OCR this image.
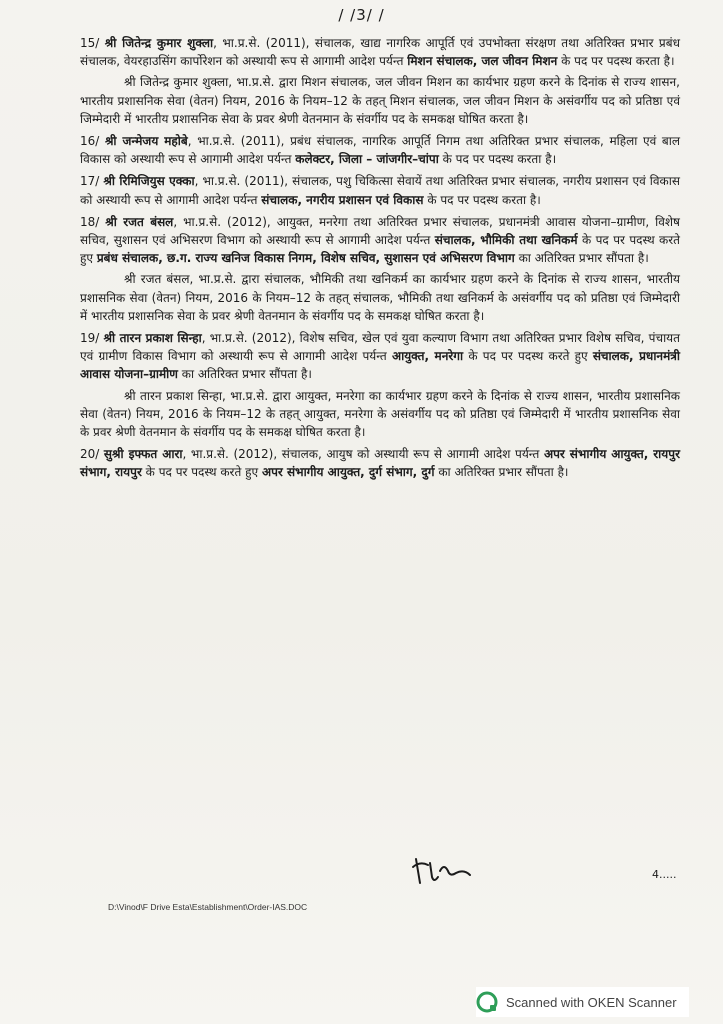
/ /3/ /

15/ श्री जितेन्द्र कुमार शुक्ला, भा.प्र.से. (2011), संचालक, खाद्य नागरिक आपूर्ति एवं उपभोक्ता संरक्षण तथा अतिरिक्त प्रभार प्रबंध संचालक, वेयरहाउसिंग कार्पोरेशन को अस्थायी रूप से आगामी आदेश पर्यन्त मिशन संचालक, जल जीवन मिशन के पद पर पदस्थ करता है।

श्री जितेन्द्र कुमार शुक्ला, भा.प्र.से. द्वारा मिशन संचालक, जल जीवन मिशन का कार्यभार ग्रहण करने के दिनांक से राज्य शासन, भारतीय प्रशासनिक सेवा (वेतन) नियम, 2016 के नियम–12 के तहत् मिशन संचालक, जल जीवन मिशन के असंवर्गीय पद को प्रतिष्ठा एवं जिम्मेदारी में भारतीय प्रशासनिक सेवा के प्रवर श्रेणी वेतनमान के संवर्गीय पद के समकक्ष घोषित करता है।

16/ श्री जन्मेजय महोबे, भा.प्र.से. (2011), प्रबंध संचालक, नागरिक आपूर्ति निगम तथा अतिरिक्त प्रभार संचालक, महिला एवं बाल विकास को अस्थायी रूप से आगामी आदेश पर्यन्त कलेक्टर, जिला – जांजगीर–चांपा के पद पर पदस्थ करता है।

17/ श्री रिमिजियुस एक्का, भा.प्र.से. (2011), संचालक, पशु चिकित्सा सेवायें तथा अतिरिक्त प्रभार संचालक, नगरीय प्रशासन एवं विकास को अस्थायी रूप से आगामी आदेश पर्यन्त संचालक, नगरीय प्रशासन एवं विकास के पद पर पदस्थ करता है।

18/ श्री रजत बंसल, भा.प्र.से. (2012), आयुक्त, मनरेगा तथा अतिरिक्त प्रभार संचालक, प्रधानमंत्री आवास योजना–ग्रामीण, विशेष सचिव, सुशासन एवं अभिसरण विभाग को अस्थायी रूप से आगामी आदेश पर्यन्त संचालक, भौमिकी तथा खनिकर्म के पद पर पदस्थ करते हुए प्रबंध संचालक, छ.ग. राज्य खनिज विकास निगम, विशेष सचिव, सुशासन एवं अभिसरण विभाग का अतिरिक्त प्रभार सौंपता है।

श्री रजत बंसल, भा.प्र.से. द्वारा संचालक, भौमिकी तथा खनिकर्म का कार्यभार ग्रहण करने के दिनांक से राज्य शासन, भारतीय प्रशासनिक सेवा (वेतन) नियम, 2016 के नियम–12 के तहत् संचालक, भौमिकी तथा खनिकर्म के असंवर्गीय पद को प्रतिष्ठा एवं जिम्मेदारी में भारतीय प्रशासनिक सेवा के प्रवर श्रेणी वेतनमान के संवर्गीय पद के समकक्ष घोषित करता है।

19/ श्री तारन प्रकाश सिन्हा, भा.प्र.से. (2012), विशेष सचिव, खेल एवं युवा कल्याण विभाग तथा अतिरिक्त प्रभार विशेष सचिव, पंचायत एवं ग्रामीण विकास विभाग को अस्थायी रूप से आगामी आदेश पर्यन्त आयुक्त, मनरेगा के पद पर पदस्थ करते हुए संचालक, प्रधानमंत्री आवास योजना–ग्रामीण का अतिरिक्त प्रभार सौंपता है।

श्री तारन प्रकाश सिन्हा, भा.प्र.से. द्वारा आयुक्त, मनरेगा का कार्यभार ग्रहण करने के दिनांक से राज्य शासन, भारतीय प्रशासनिक सेवा (वेतन) नियम, 2016 के नियम–12 के तहत् आयुक्त, मनरेगा के असंवर्गीय पद को प्रतिष्ठा एवं जिम्मेदारी में भारतीय प्रशासनिक सेवा के प्रवर श्रेणी वेतनमान के संवर्गीय पद के समकक्ष घोषित करता है।

20/ सुश्री इफ्फत आरा, भा.प्र.से. (2012), संचालक, आयुष को अस्थायी रूप से आगामी आदेश पर्यन्त अपर संभागीय आयुक्त, रायपुर संभाग, रायपुर के पद पर पदस्थ करते हुए अपर संभागीय आयुक्त, दुर्ग संभाग, दुर्ग का अतिरिक्त प्रभार सौंपता है।

4.....
D:\Vinod\F Drive Esta\Establishment\Order-IAS.DOC
Scanned with OKEN Scanner
